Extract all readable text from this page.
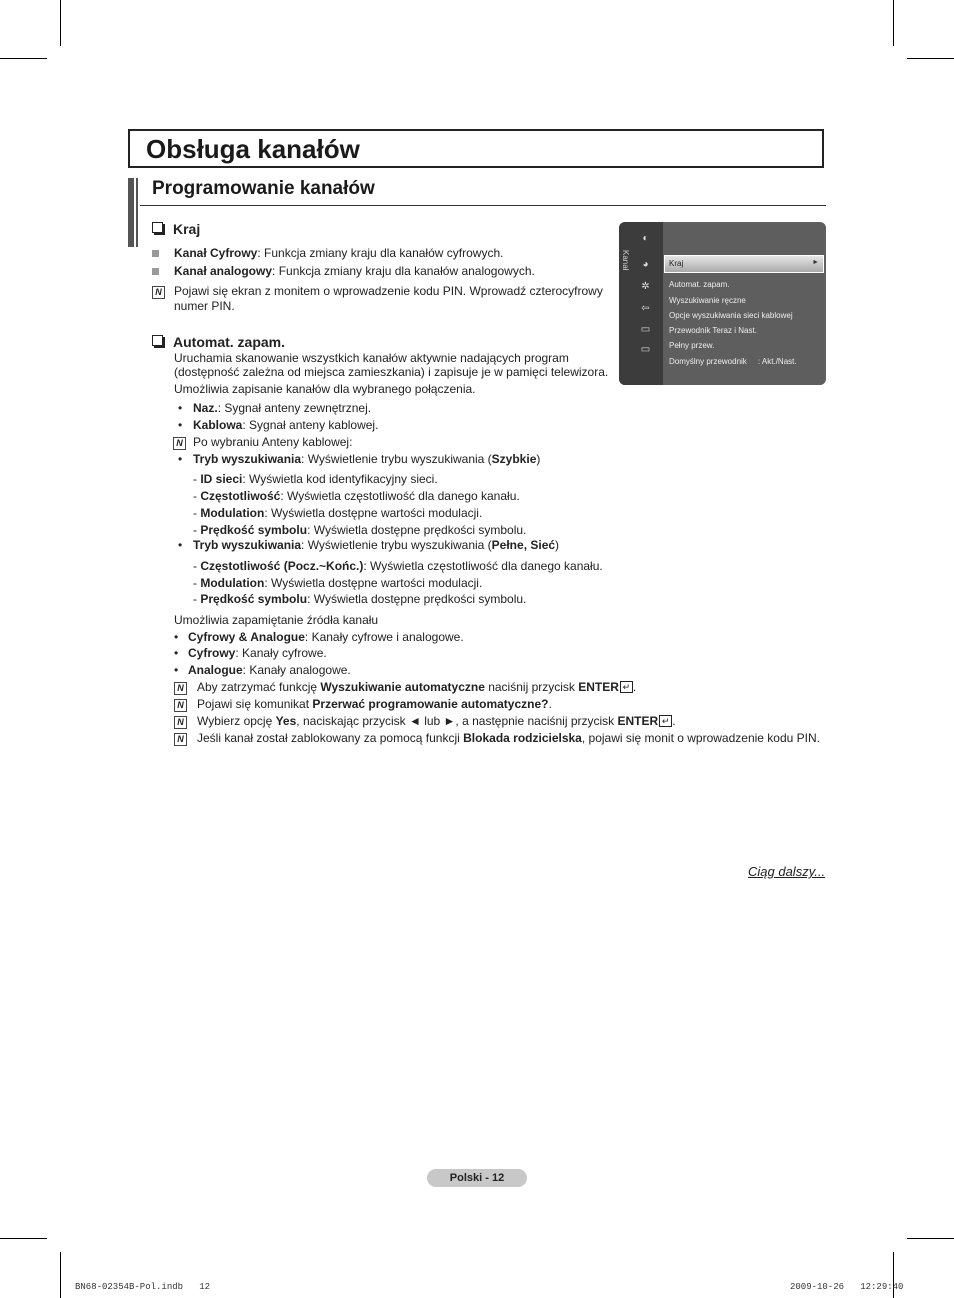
Obsługa kanałów
Programowanie kanałów
Kraj
Kanał Cyfrowy: Funkcja zmiany kraju dla kanałów cyfrowych.
Kanał analogowy: Funkcja zmiany kraju dla kanałów analogowych.
N Pojawi się ekran z monitem o wprowadzenie kodu PIN. Wprowadź czterocyfrowy
numer PIN.
Automat. zapam.
Uruchamia skanowanie wszystkich kanałów aktywnie nadających program
(dostępność zależna od miejsca zamieszkania) i zapisuje je w pamięci telewizora.
Umożliwia zapisanie kanałów dla wybranego połączenia.
• Naz.: Sygnał anteny zewnętrznej.
• Kablowa: Sygnał anteny kablowej.
N Po wybraniu Anteny kablowej:
• Tryb wyszukiwania: Wyświetlenie trybu wyszukiwania (Szybkie)
- ID sieci: Wyświetla kod identyfikacyjny sieci.
- Częstotliwość: Wyświetla częstotliwość dla danego kanału.
- Modulation: Wyświetla dostępne wartości modulacji.
- Prędkość symbolu: Wyświetla dostępne prędkości symbolu.
• Tryb wyszukiwania: Wyświetlenie trybu wyszukiwania (Pełne, Sieć)
- Częstotliwość (Pocz.~Końc.): Wyświetla częstotliwość dla danego kanału.
- Modulation: Wyświetla dostępne wartości modulacji.
- Prędkość symbolu: Wyświetla dostępne prędkości symbolu.
Umożliwia zapamiętanie źródła kanału
• Cyfrowy & Analogue: Kanały cyfrowe i analogowe.
• Cyfrowy: Kanały cyfrowe.
• Analogue: Kanały analogowe.
N Aby zatrzymać funkcję Wyszukiwanie automatyczne naciśnij przycisk ENTER ↵ .
N Pojawi się komunikat Przerwać programowanie automatyczne?.
N Wybierz opcję Yes, naciskając przycisk ◄ lub ►, a następnie naciśnij przycisk ENTER ↵ .
N Jeśli kanał został zablokowany za pomocą funkcji Blokada rodzicielska, pojawi się monit o wprowadzenie kodu PIN.
Kanał
◐
◕
✲
⇦
▭
▭
Kraj	►
Automat. zapam.
Wyszukiwanie ręczne
Opcje wyszukiwania sieci kablowej
Przewodnik Teraz i Nast.
Pełny przew.
Domyślny przewodnik     : Akt./Nast.
Ciąg dalszy...
Polski - 12
BN68-02354B-Pol.indb   12	2009-10-26   12:29:40
